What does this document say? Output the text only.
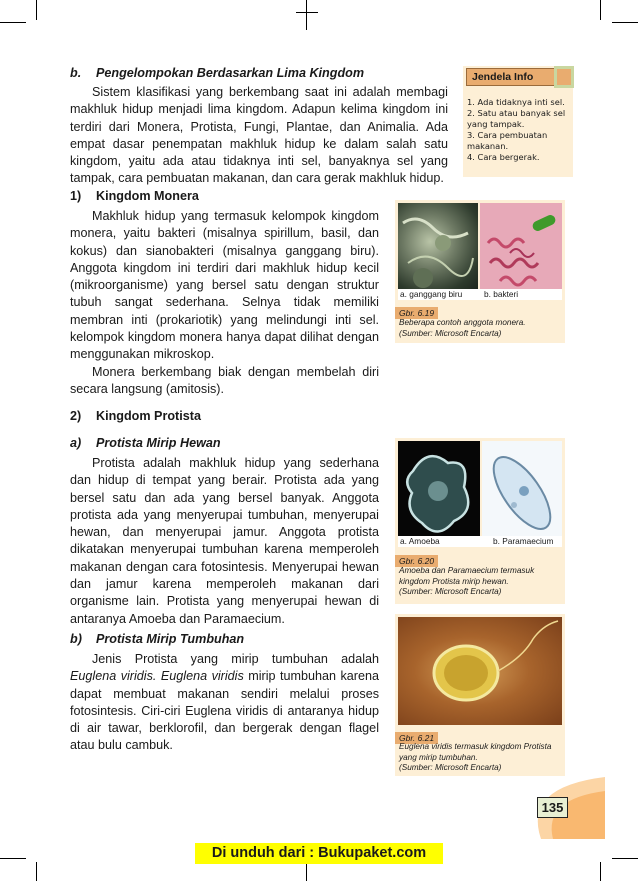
b. Pengelompokan Berdasarkan Lima Kingdom

Sistem klasifikasi yang berkembang saat ini adalah membagi makhluk hidup menjadi lima kingdom. Adapun kelima kingdom ini terdiri dari Monera, Protista, Fungi, Plantae, dan Animalia. Ada empat dasar penempatan makhluk hidup ke dalam salah satu kingdom, yaitu ada atau tidaknya inti sel, banyaknya sel yang tampak, cara pembuatan makanan, dan cara gerak makhluk hidup.

Jendela Info
1. Ada tidaknya inti sel.
2. Satu atau banyak sel yang tampak.
3. Cara pembuatan makanan.
4. Cara bergerak.
1) Kingdom Monera

Makhluk hidup yang termasuk kelompok kingdom monera, yaitu bakteri (misalnya spirillum, basil, dan kokus) dan sianobakteri (misalnya ganggang biru). Anggota kingdom ini terdiri dari makhluk hidup kecil (mikroorganisme) yang bersel satu dengan struktur tubuh sangat sederhana. Selnya tidak memiliki membran inti (prokariotik) yang melindungi inti sel. kelompok kingdom monera hanya dapat dilihat dengan menggunakan mikroskop.

Monera berkembang biak dengan membelah diri secara langsung (amitosis).

a. ganggang biru	b. bakteri
Gbr. 6.19
Beberapa contoh anggota monera.
(Sumber: Microsoft Encarta)
2) Kingdom Protista
a) Protista Mirip Hewan

Protista adalah makhluk hidup yang sederhana dan hidup di tempat yang berair. Protista ada yang bersel satu dan ada yang bersel banyak. Anggota protista ada yang menyerupai tumbuhan, menyerupai hewan, dan menyerupai jamur. Anggota protista dikatakan menyerupai tumbuhan karena memperoleh makanan dengan cara fotosintesis. Menyerupai hewan dan jamur karena memperoleh makanan dari organisme lain. Protista yang menyerupai hewan di antaranya Amoeba dan Paramaecium.

b) Protista Mirip Tumbuhan

Jenis Protista yang mirip tumbuhan adalah Euglena viridis. Euglena viridis mirip tumbuhan karena dapat membuat makanan sendiri melalui proses fotosintesis. Ciri-ciri Euglena viridis di antaranya hidup di air tawar, berklorofil, dan bergerak dengan flagel atau bulu cambuk.

a. Amoeba	b. Paramaecium
Gbr. 6.20
Amoeba dan Paramaecium termasuk kingdom Protista mirip hewan.
(Sumber: Microsoft Encarta)
Gbr. 6.21
Euglena viridis termasuk kingdom Protista yang mirip tumbuhan.
(Sumber: Microsoft Encarta)
135
Di unduh dari : Bukupaket.com
